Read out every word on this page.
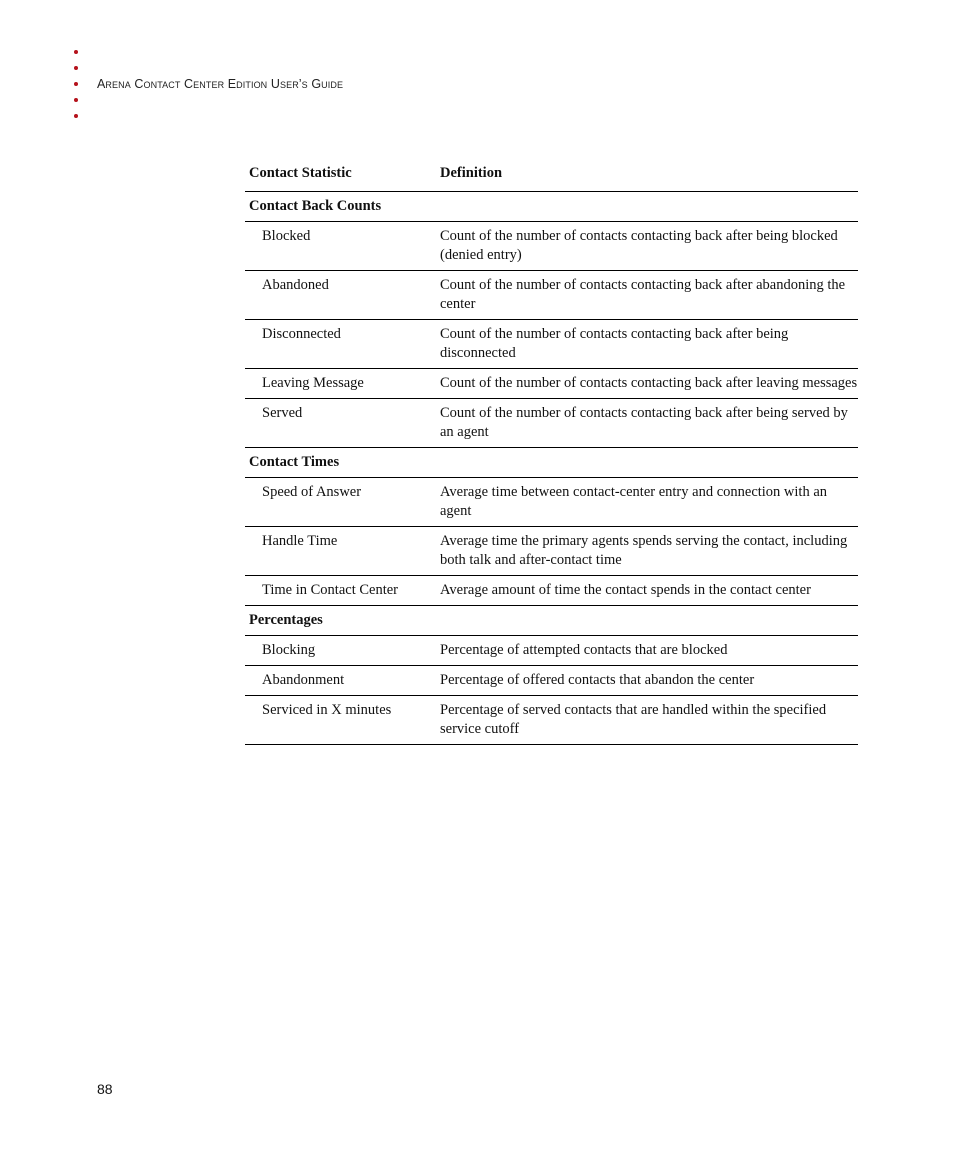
Arena Contact Center Edition User’s Guide
Contact Statistic	Definition
Contact Back Counts	
Blocked	Count of the number of contacts contacting back after being blocked (denied entry)
Abandoned	Count of the number of contacts contacting back after abandoning the center
Disconnected	Count of the number of contacts contacting back after being disconnected
Leaving Message	Count of the number of contacts contacting back after leaving messages
Served	Count of the number of contacts contacting back after being served by an agent
Contact Times	
Speed of Answer	Average time between contact-center entry and connection with an agent
Handle Time	Average time the primary agents spends serving the contact, including both talk and after-contact time
Time in Contact Center	Average amount of time the contact spends in the contact center
Percentages	
Blocking	Percentage of attempted contacts that are blocked
Abandonment	Percentage of offered contacts that abandon the center
Serviced in X minutes	Percentage of served contacts that are handled within the specified service cutoff
88
